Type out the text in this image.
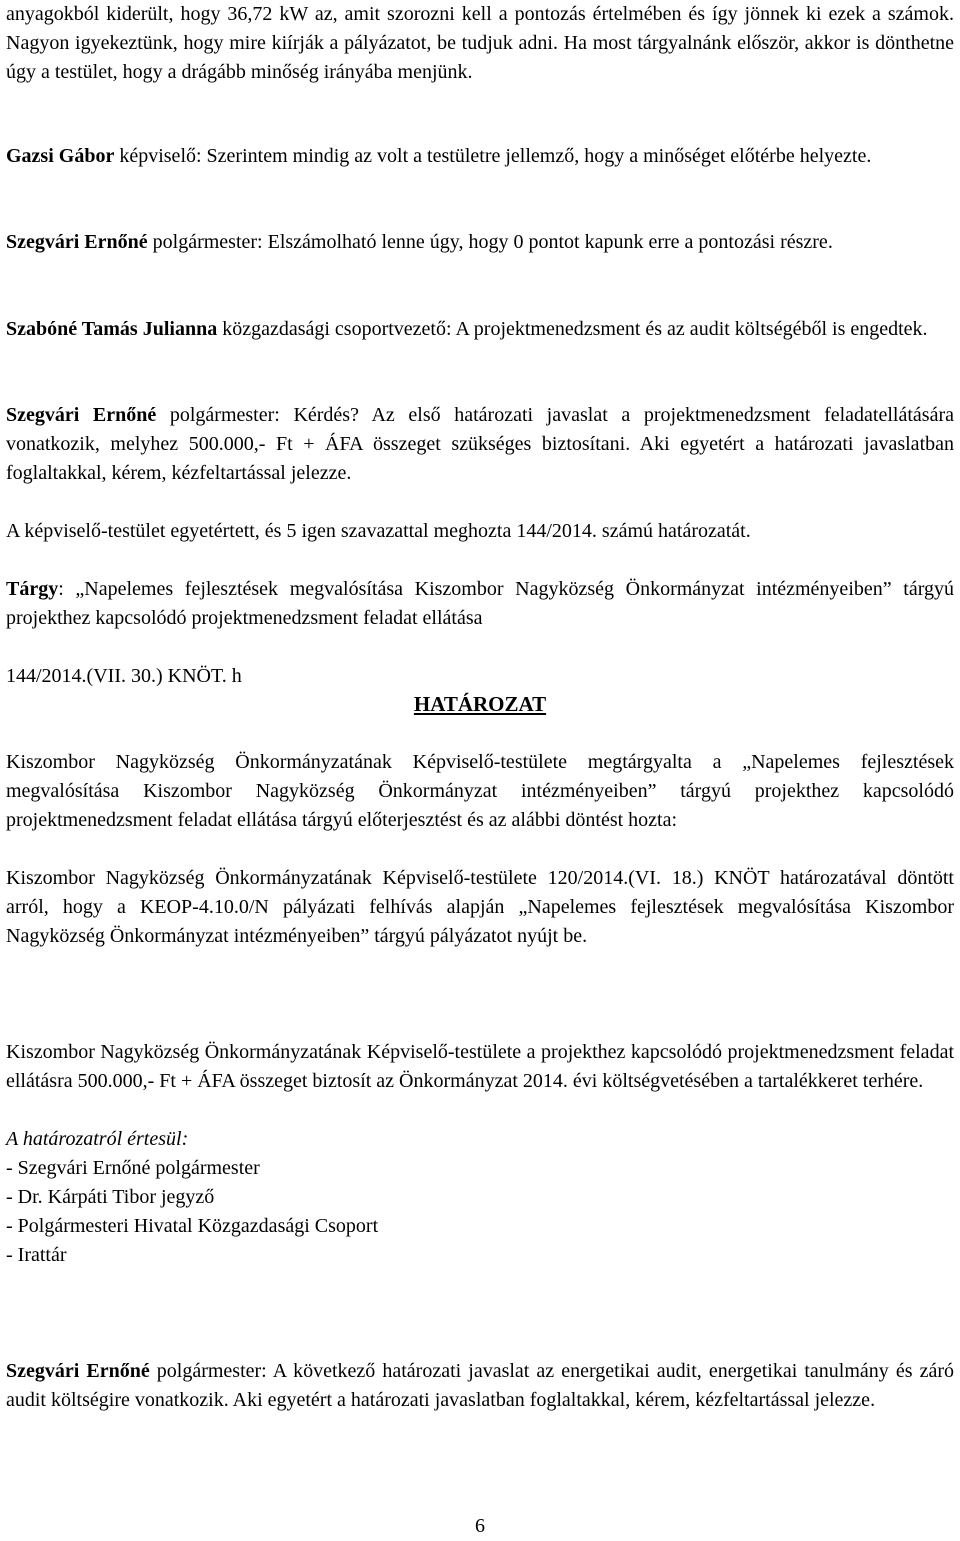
anyagokból kiderült, hogy 36,72 kW az, amit szorozni kell a pontozás értelmében és így jönnek ki ezek a számok. Nagyon igyekeztünk, hogy mire kiírják a pályázatot, be tudjuk adni. Ha most tárgyalnánk először, akkor is dönthetne úgy a testület, hogy a drágább minőség irányába menjünk.

Gazsi Gábor képviselő: Szerintem mindig az volt a testületre jellemző, hogy a minőséget előtérbe helyezte.

Szegvári Ernőné polgármester: Elszámolható lenne úgy, hogy 0 pontot kapunk erre a pontozási részre.

Szabóné Tamás Julianna közgazdasági csoportvezető: A projektmenedzsment és az audit költségéből is engedtek.

Szegvári Ernőné polgármester: Kérdés? Az első határozati javaslat a projektmenedzsment feladatellátására vonatkozik, melyhez 500.000,- Ft + ÁFA összeget szükséges biztosítani. Aki egyetért a határozati javaslatban foglaltakkal, kérem, kézfeltartással jelezze.

A képviselő-testület egyetértett, és 5 igen szavazattal meghozta 144/2014. számú határozatát.

Tárgy: „Napelemes fejlesztések megvalósítása Kiszombor Nagyközség Önkormányzat intézményeiben” tárgyú projekthez kapcsolódó projektmenedzsment feladat ellátása

144/2014.(VII. 30.) KNÖT. h

HATÁROZAT

Kiszombor Nagyközség Önkormányzatának Képviselő-testülete megtárgyalta a „Napelemes fejlesztések megvalósítása Kiszombor Nagyközség Önkormányzat intézményeiben” tárgyú projekthez kapcsolódó projektmenedzsment feladat ellátása tárgyú előterjesztést és az alábbi döntést hozta:

Kiszombor Nagyközség Önkormányzatának Képviselő-testülete 120/2014.(VI. 18.) KNÖT határozatával döntött arról, hogy a KEOP-4.10.0/N pályázati felhívás alapján „Napelemes fejlesztések megvalósítása Kiszombor Nagyközség Önkormányzat intézményeiben” tárgyú pályázatot nyújt be.

Kiszombor Nagyközség Önkormányzatának Képviselő-testülete a projekthez kapcsolódó projektmenedzsment feladat ellátásra 500.000,- Ft + ÁFA összeget biztosít az Önkormányzat 2014. évi költségvetésében a tartalékkeret terhére.

A határozatról értesül:

- Szegvári Ernőné polgármester
- Dr. Kárpáti Tibor jegyző
- Polgármesteri Hivatal Közgazdasági Csoport
- Irattár

Szegvári Ernőné polgármester: A következő határozati javaslat az energetikai audit, energetikai tanulmány és záró audit költségire vonatkozik. Aki egyetért a határozati javaslatban foglaltakkal, kérem, kézfeltartással jelezze.

6
